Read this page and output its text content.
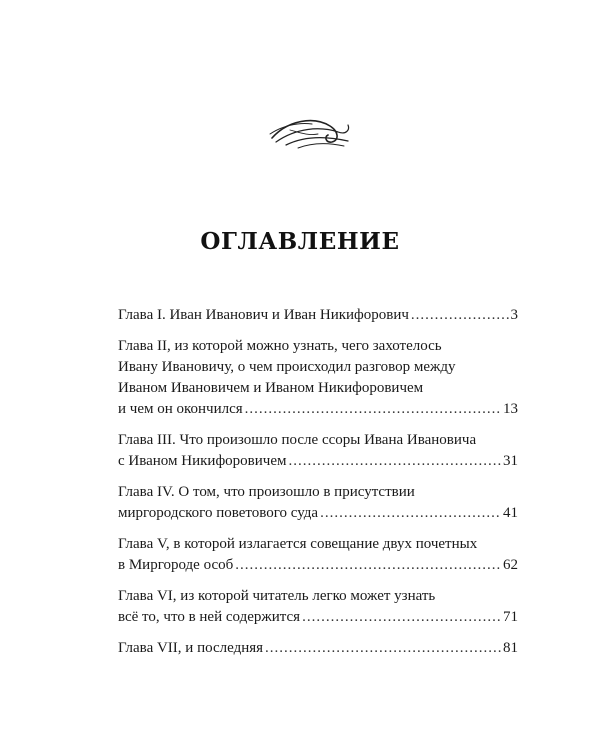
ОГЛАВЛЕНИЕ
Глава I. Иван Иванович и Иван Никифорович .....	3
Глава II, из которой можно узнать, чего захотелось
Ивану Ивановичу, о чем происходил разговор между
Иваном Ивановичем и Иваном Никифоровичем
и чем он окончился .....	13
Глава III. Что произошло после ссоры Ивана Ивановича
с Иваном Никифоровичем .....	31
Глава IV. О том, что произошло в присутствии
миргородского поветового суда .....	41
Глава V, в которой излагается совещание двух почетных
в Миргороде особ .....	62
Глава VI, из которой читатель легко может узнать
всё то, что в ней содержится .....	71
Глава VII, и последняя .....	81
